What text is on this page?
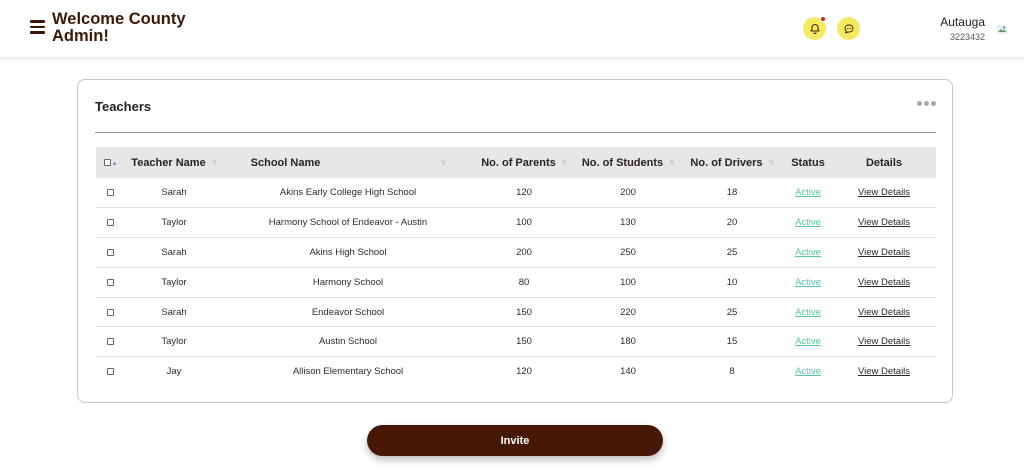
Welcome County
Admin!
Autauga
3223432
Teachers
▴	Teacher Name ⇅	School Name ⇅	No. of Parents ⇅	No. of Students ⇅	No. of Drivers ⇅	Status	Details
	Sarah	Akins Early College High School	120	200	18	Active	View Details
	Taylor	Harmony School of Endeavor - Austin	100	130	20	Active	View Details
	Sarah	Akins High School	200	250	25	Active	View Details
	Taylor	Harmony School	80	100	10	Active	View Details
	Sarah	Endeavor School	150	220	25	Active	View Details
	Taylor	Austin School	150	180	15	Active	View Details
	Jay	Allison Elementary School	120	140	8	Active	View Details
Invite
